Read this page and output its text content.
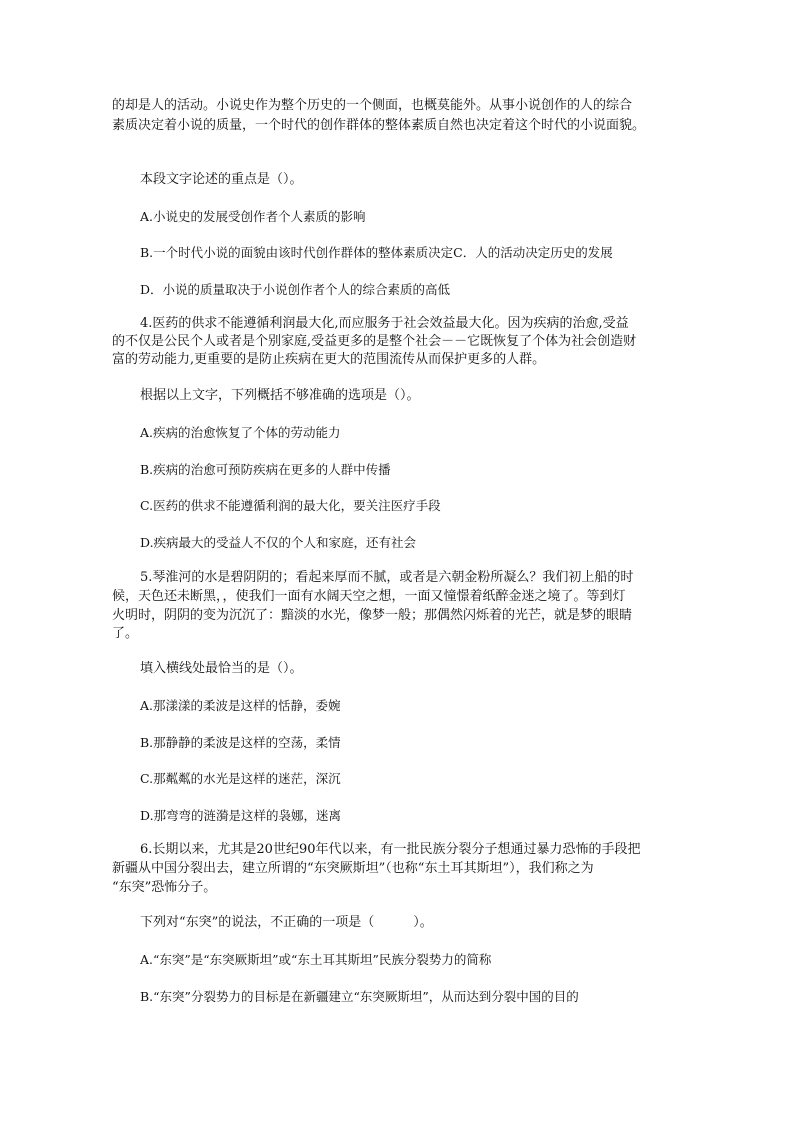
的却是人的活动。小说史作为整个历史的一个侧面，也概莫能外。从事小说创作的人的综合
素质决定着小说的质量，一个时代的创作群体的整体素质自然也决定着这个时代的小说面貌。
本段文字论述的重点是（）。
A.小说史的发展受创作者个人素质的影响
B.一个时代小说的面貌由该时代创作群体的整体素质决定C．人的活动决定历史的发展
D．小说的质量取决于小说创作者个人的综合素质的高低
4.医药的供求不能遵循利润最大化,而应服务于社会效益最大化。因为疾病的治愈,受益
的不仅是公民个人或者是个别家庭,受益更多的是整个社会－－它既恢复了个体为社会创造财
富的劳动能力,更重要的是防止疾病在更大的范围流传从而保护更多的人群。
根据以上文字，下列概括不够准确的选项是（）。
A.疾病的治愈恢复了个体的劳动能力
B.疾病的治愈可预防疾病在更多的人群中传播
C.医药的供求不能遵循利润的最大化，要关注医疗手段
D.疾病最大的受益人不仅的个人和家庭，还有社会
5.琴淮河的水是碧阴阴的；看起来厚而不腻，或者是六朝金粉所凝么？我们初上船的时
候，天色还未断黑，，使我们一面有水阔天空之想，一面又憧憬着纸醉金迷之境了。等到灯
火明时，阴阴的变为沉沉了：黯淡的水光，像梦一般；那偶然闪烁着的光芒，就是梦的眼睛
了。
填入横线处最恰当的是（）。
A.那漾漾的柔波是这样的恬静，委婉
B.那静静的柔波是这样的空荡，柔情
C.那粼粼的水光是这样的迷茫，深沉
D.那弯弯的涟漪是这样的袅娜，迷离
6.长期以来，尤其是20世纪90年代以来，有一批民族分裂分子想通过暴力恐怖的手段把
新疆从中国分裂出去，建立所谓的“东突厥斯坦”（也称“东土耳其斯坦”），我们称之为
“东突”恐怖分子。
下列对“东突”的说法，不正确的一项是（　　　）。
A.“东突”是“东突厥斯坦”或“东土耳其斯坦”民族分裂势力的简称
B.“东突”分裂势力的目标是在新疆建立“东突厥斯坦”，从而达到分裂中国的目的
